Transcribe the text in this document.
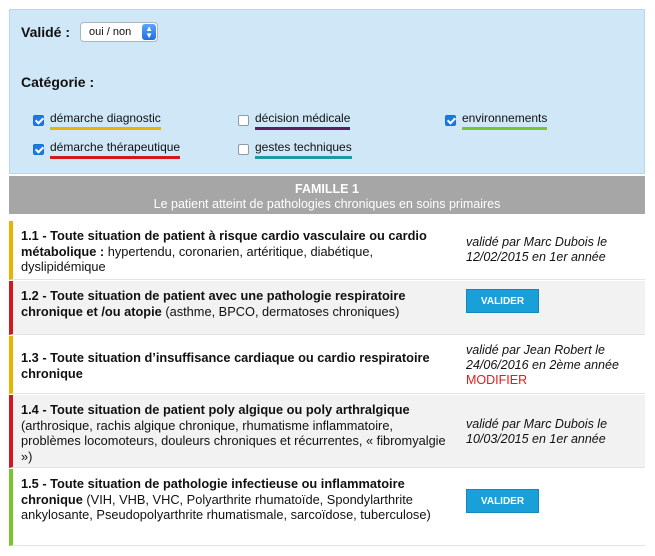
Validé : oui / non	▲
▼
Catégorie :
démarche diagnostic	décision médicale	environnements
démarche thérapeutique	gestes techniques
FAMILLE 1
Le patient atteint de pathologies chroniques en soins primaires
1.1 - Toute situation de patient à risque cardio vasculaire ou cardio métabolique : hypertendu, coronarien, artéritique, diabétique, dyslipidémique
validé par Marc Dubois le 12/02/2015 en 1er année
1.2 - Toute situation de patient avec une pathologie respiratoire chronique et /ou atopie (asthme, BPCO, dermatoses chroniques)
VALIDER
1.3 - Toute situation d’insuffisance cardiaque ou cardio respiratoire chronique
validé par Jean Robert le 24/06/2016 en 2ème année
MODIFIER
1.4 - Toute situation de patient poly algique ou poly arthralgique (arthrosique, rachis algique chronique, rhumatisme inflammatoire, problèmes locomoteurs, douleurs chroniques et récurrentes, « fibromyalgie »)
validé par Marc Dubois le 10/03/2015 en 1er année
1.5 - Toute situation de pathologie infectieuse ou inflammatoire chronique (VIH, VHB, VHC, Polyarthrite rhumatoïde, Spondylarthrite ankylosante, Pseudopolyarthrite rhumatismale, sarcoïdose, tuberculose)
VALIDER
